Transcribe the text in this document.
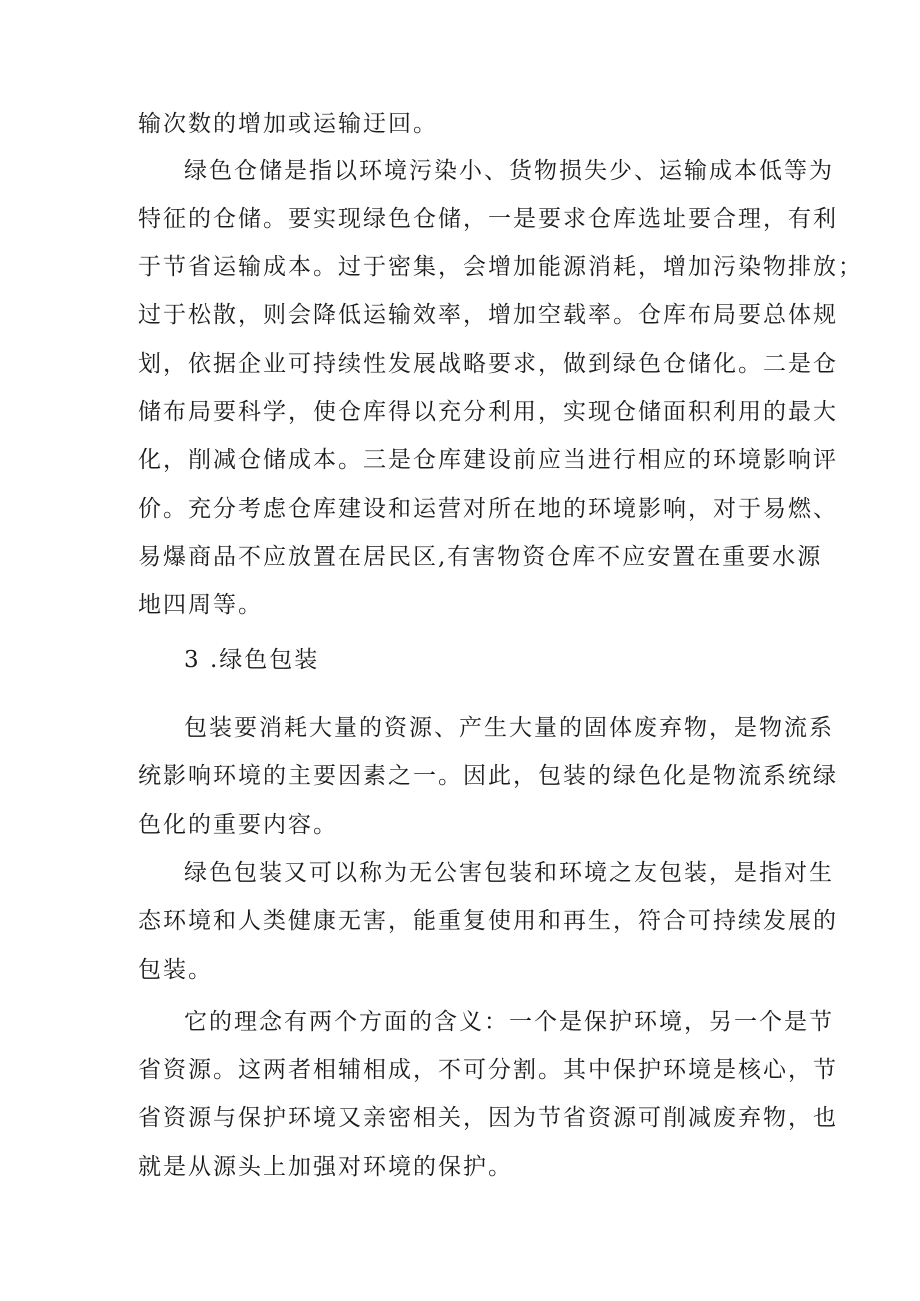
输次数的增加或运输迂回。
绿色仓储是指以环境污染小、货物损失少、运输成本低等为
特征的仓储。要实现绿色仓储，一是要求仓库选址要合理，有利
于节省运输成本。过于密集，会增加能源消耗，增加污染物排放；
过于松散，则会降低运输效率，增加空载率。仓库布局要总体规
划，依据企业可持续性发展战略要求，做到绿色仓储化。二是仓
储布局要科学，使仓库得以充分利用，实现仓储面积利用的最大
化，削减仓储成本。三是仓库建设前应当进行相应的环境影响评
价。充分考虑仓库建设和运营对所在地的环境影响，对于易燃、
易爆商品不应放置在居民区,有害物资仓库不应安置在重要水源
地四周等。
3 .绿色包装
包装要消耗大量的资源、产生大量的固体废弃物，是物流系
统影响环境的主要因素之一。因此，包装的绿色化是物流系统绿
色化的重要内容。
绿色包装又可以称为无公害包装和环境之友包装，是指对生
态环境和人类健康无害，能重复使用和再生，符合可持续发展的
包装。
它的理念有两个方面的含义：一个是保护环境，另一个是节
省资源。这两者相辅相成，不可分割。其中保护环境是核心，节
省资源与保护环境又亲密相关，因为节省资源可削减废弃物，也
就是从源头上加强对环境的保护。
